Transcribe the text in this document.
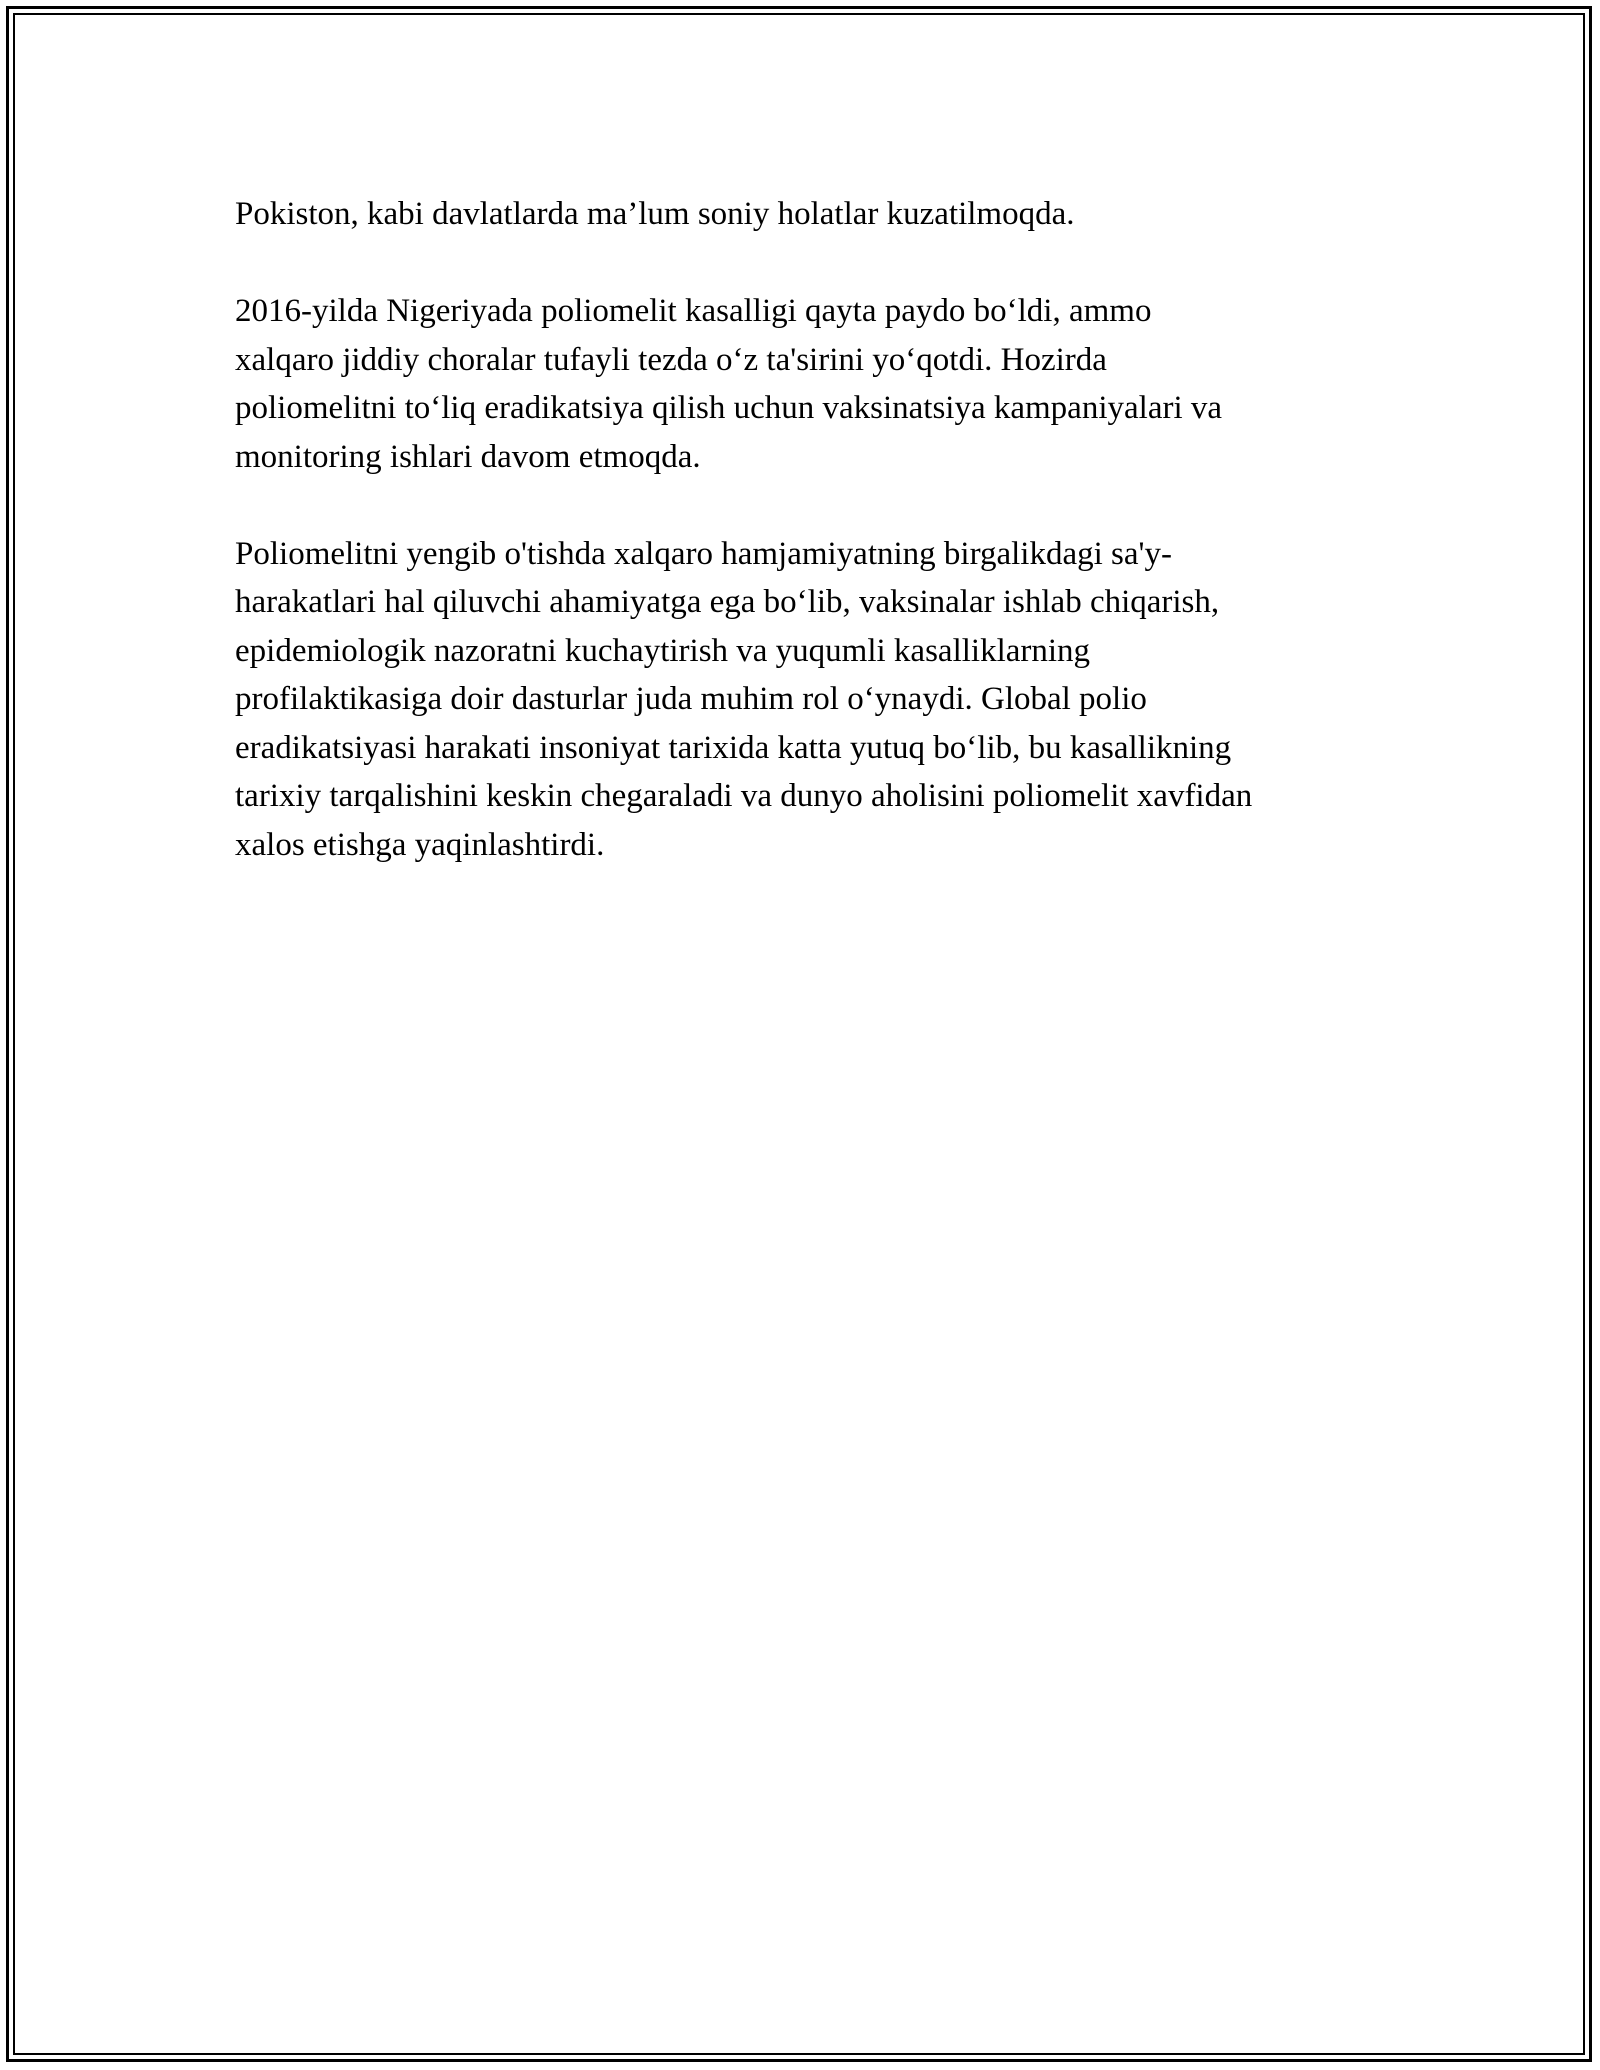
Pokiston, kabi davlatlarda ma’lum soniy holatlar kuzatilmoqda.

2016-yilda Nigeriyada poliomelit kasalligi qayta paydo bo‘ldi, ammo
xalqaro jiddiy choralar tufayli tezda o‘z ta'sirini yo‘qotdi. Hozirda
poliomelitni to‘liq eradikatsiya qilish uchun vaksinatsiya kampaniyalari va
monitoring ishlari davom etmoqda.

Poliomelitni yengib o'tishda xalqaro hamjamiyatning birgalikdagi sa'y-
harakatlari hal qiluvchi ahamiyatga ega bo‘lib, vaksinalar ishlab chiqarish,
epidemiologik nazoratni kuchaytirish va yuqumli kasalliklarning
profilaktikasiga doir dasturlar juda muhim rol o‘ynaydi. Global polio
eradikatsiyasi harakati insoniyat tarixida katta yutuq bo‘lib, bu kasallikning
tarixiy tarqalishini keskin chegaraladi va dunyo aholisini poliomelit xavfidan
xalos etishga yaqinlashtirdi.
